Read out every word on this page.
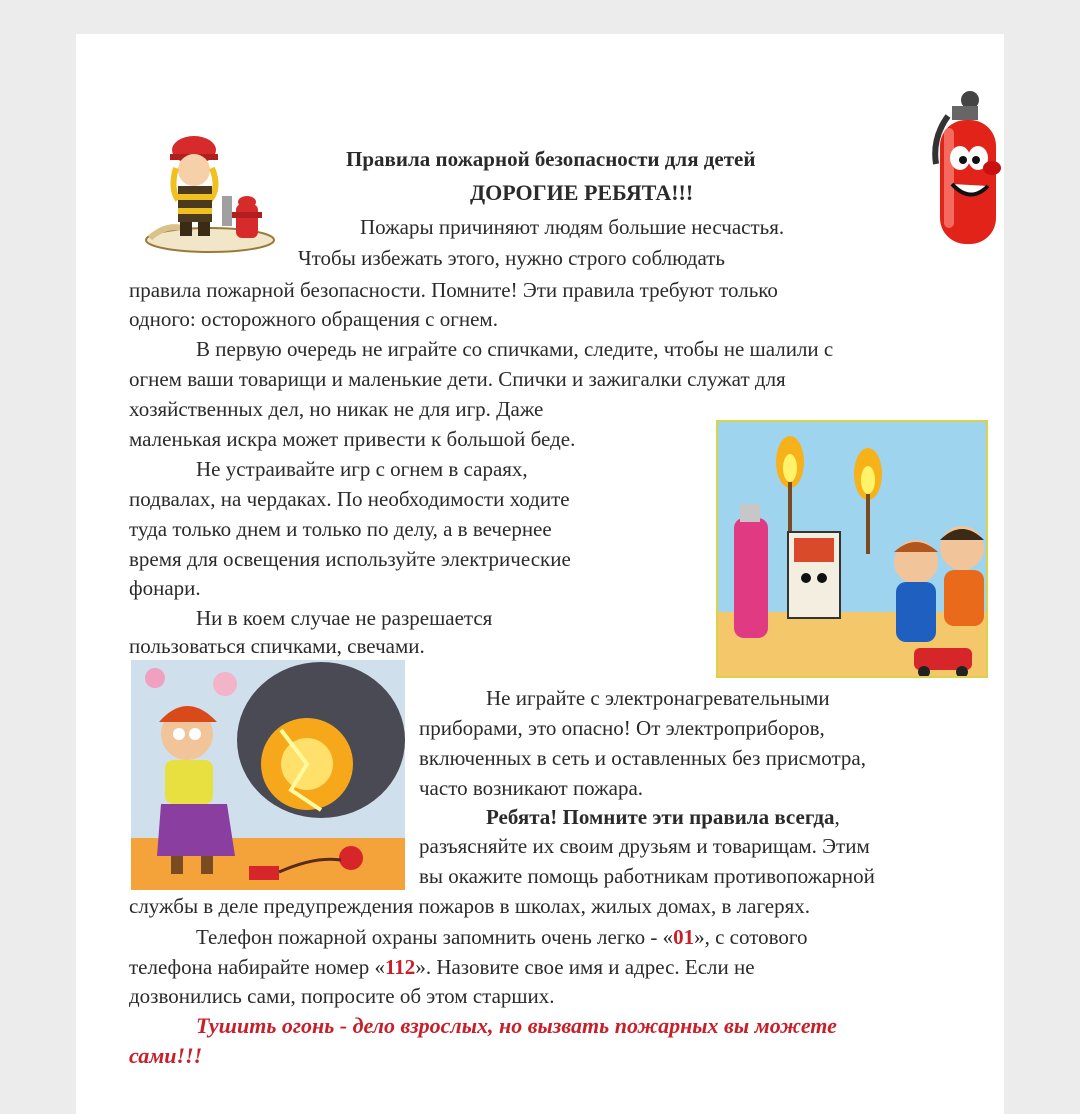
Правила пожарной безопасности для детей
ДОРОГИЕ РЕБЯТА!!!
Пожары причиняют людям большие несчастья.
Чтобы избежать этого, нужно строго соблюдать
правила пожарной безопасности. Помните! Эти правила требуют только
одного: осторожного обращения с огнем.
В первую очередь не играйте со спичками, следите, чтобы не шалили с
огнем ваши товарищи и маленькие дети. Спички и зажигалки служат для
хозяйственных дел, но никак не для игр. Даже
маленькая искра может привести к большой беде.
Не устраивайте игр с огнем в сараях,
подвалах, на чердаках. По необходимости ходите
туда только днем и только по делу, а в вечернее
время для освещения используйте электрические
фонари.
Ни в коем случае не разрешается
пользоваться спичками, свечами.
Не играйте с электронагревательными
приборами, это опасно! От электроприборов,
включенных в сеть и оставленных без присмотра,
часто возникают пожара.
Ребята! Помните эти правила всегда,
разъясняйте их своим друзьям и товарищам. Этим
вы окажите помощь работникам противопожарной
службы в деле предупреждения пожаров в школах, жилых домах, в лагерях.
Телефон пожарной охраны запомнить очень легко - «01», с сотового
телефона набирайте номер «112». Назовите свое имя и адрес. Если не
дозвонились сами, попросите об этом старших.
Тушить огонь - дело взрослых, но вызвать пожарных вы можете
сами!!!
